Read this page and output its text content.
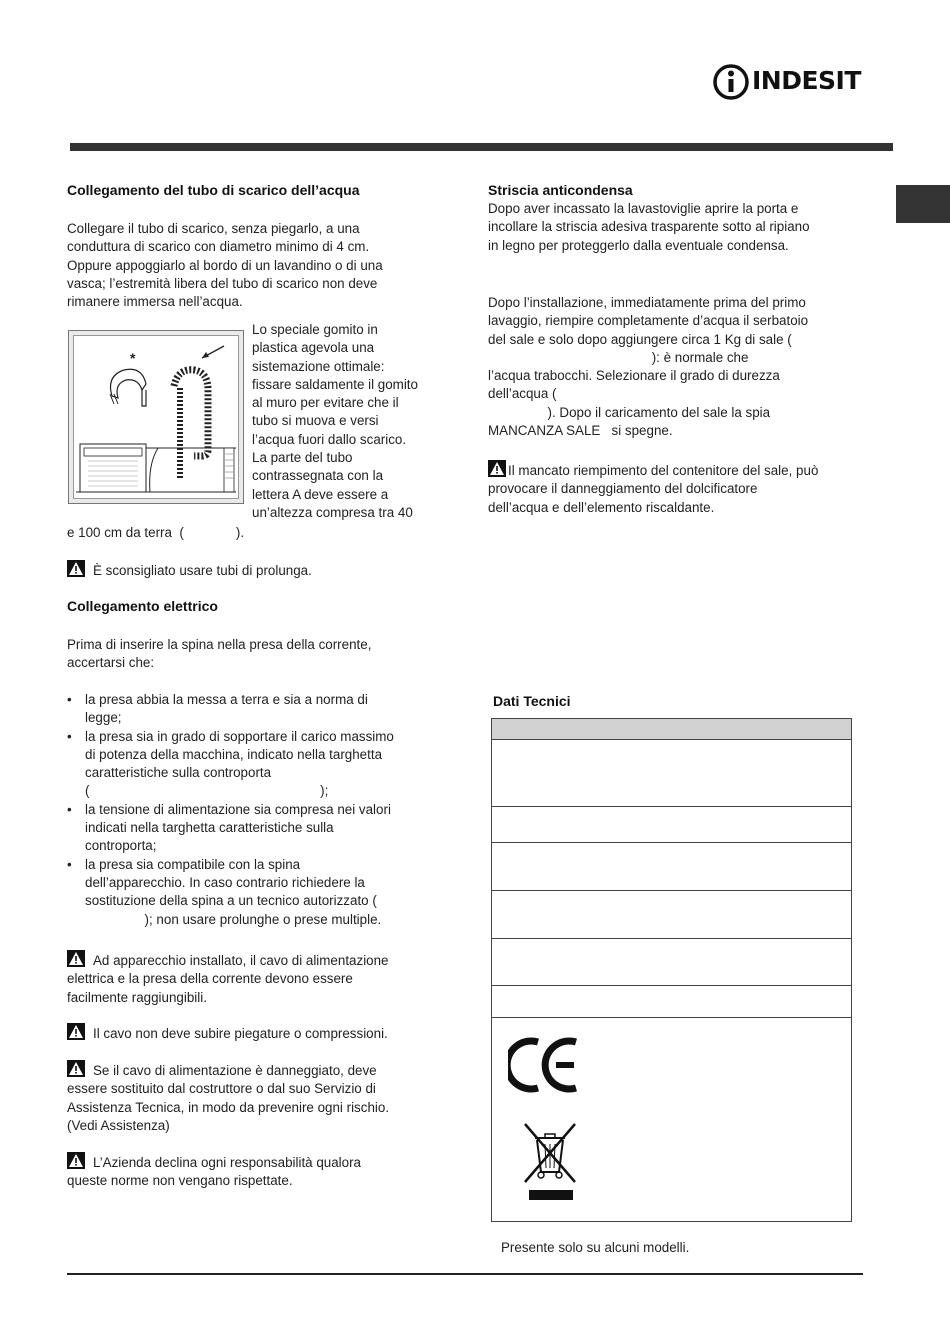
INDESIT
Collegamento del tubo di scarico dell’acqua
Collegare il tubo di scarico, senza piegarlo, a una
conduttura di scarico con diametro minimo di 4 cm.
Oppure appoggiarlo al bordo di un lavandino o di una
vasca; l’estremità libera del tubo di scarico non deve
rimanere immersa nell’acqua.
*
Lo speciale gomito in
plastica agevola una
sistemazione ottimale:
fissare saldamente il gomito
al muro per evitare che il
tubo si muova e versi
l’acqua fuori dallo scarico.
La parte del tubo
contrassegnata con la
lettera A deve essere a
un’altezza compresa tra 40
e 100 cm da terra  (              ).
È sconsigliato usare tubi di prolunga.
Collegamento elettrico
Prima di inserire la spina nella presa della corrente,
accertarsi che:
• la presa abbia la messa a terra e sia a norma di
legge;
• la presa sia in grado di sopportare il carico massimo
di potenza della macchina, indicato nella targhetta
caratteristiche sulla controporta
(                                                              );
• la tensione di alimentazione sia compresa nei valori
indicati nella targhetta caratteristiche sulla
controporta;
• la presa sia compatibile con la spina
dell’apparecchio. In caso contrario richiedere la
sostituzione della spina a un tecnico autorizzato (
); non usare prolunghe o prese multiple.
Ad apparecchio installato, il cavo di alimentazione
elettrica e la presa della corrente devono essere
facilmente raggiungibili.
Il cavo non deve subire piegature o compressioni.
Se il cavo di alimentazione è danneggiato, deve
essere sostituito dal costruttore o dal suo Servizio di
Assistenza Tecnica, in modo da prevenire ogni rischio.
(Vedi Assistenza)
L’Azienda declina ogni responsabilità qualora
queste norme non vengano rispettate.
Striscia anticondensa
Dopo aver incassato la lavastoviglie aprire la porta e
incollare la striscia adesiva trasparente sotto al ripiano
in legno per proteggerlo dalla eventuale condensa.
Dopo l’installazione, immediatamente prima del primo
lavaggio, riempire completamente d’acqua il serbatoio
del sale e solo dopo aggiungere circa 1 Kg di sale (
): è normale che
l’acqua trabocchi. Selezionare il grado di durezza
dell’acqua (
). Dopo il caricamento del sale la spia
MANCANZA SALE   si spegne.
Il mancato riempimento del contenitore del sale, può
provocare il danneggiamento del dolcificatore
dell’acqua e dell’elemento riscaldante.
Dati Tecnici
Presente solo su alcuni modelli.
